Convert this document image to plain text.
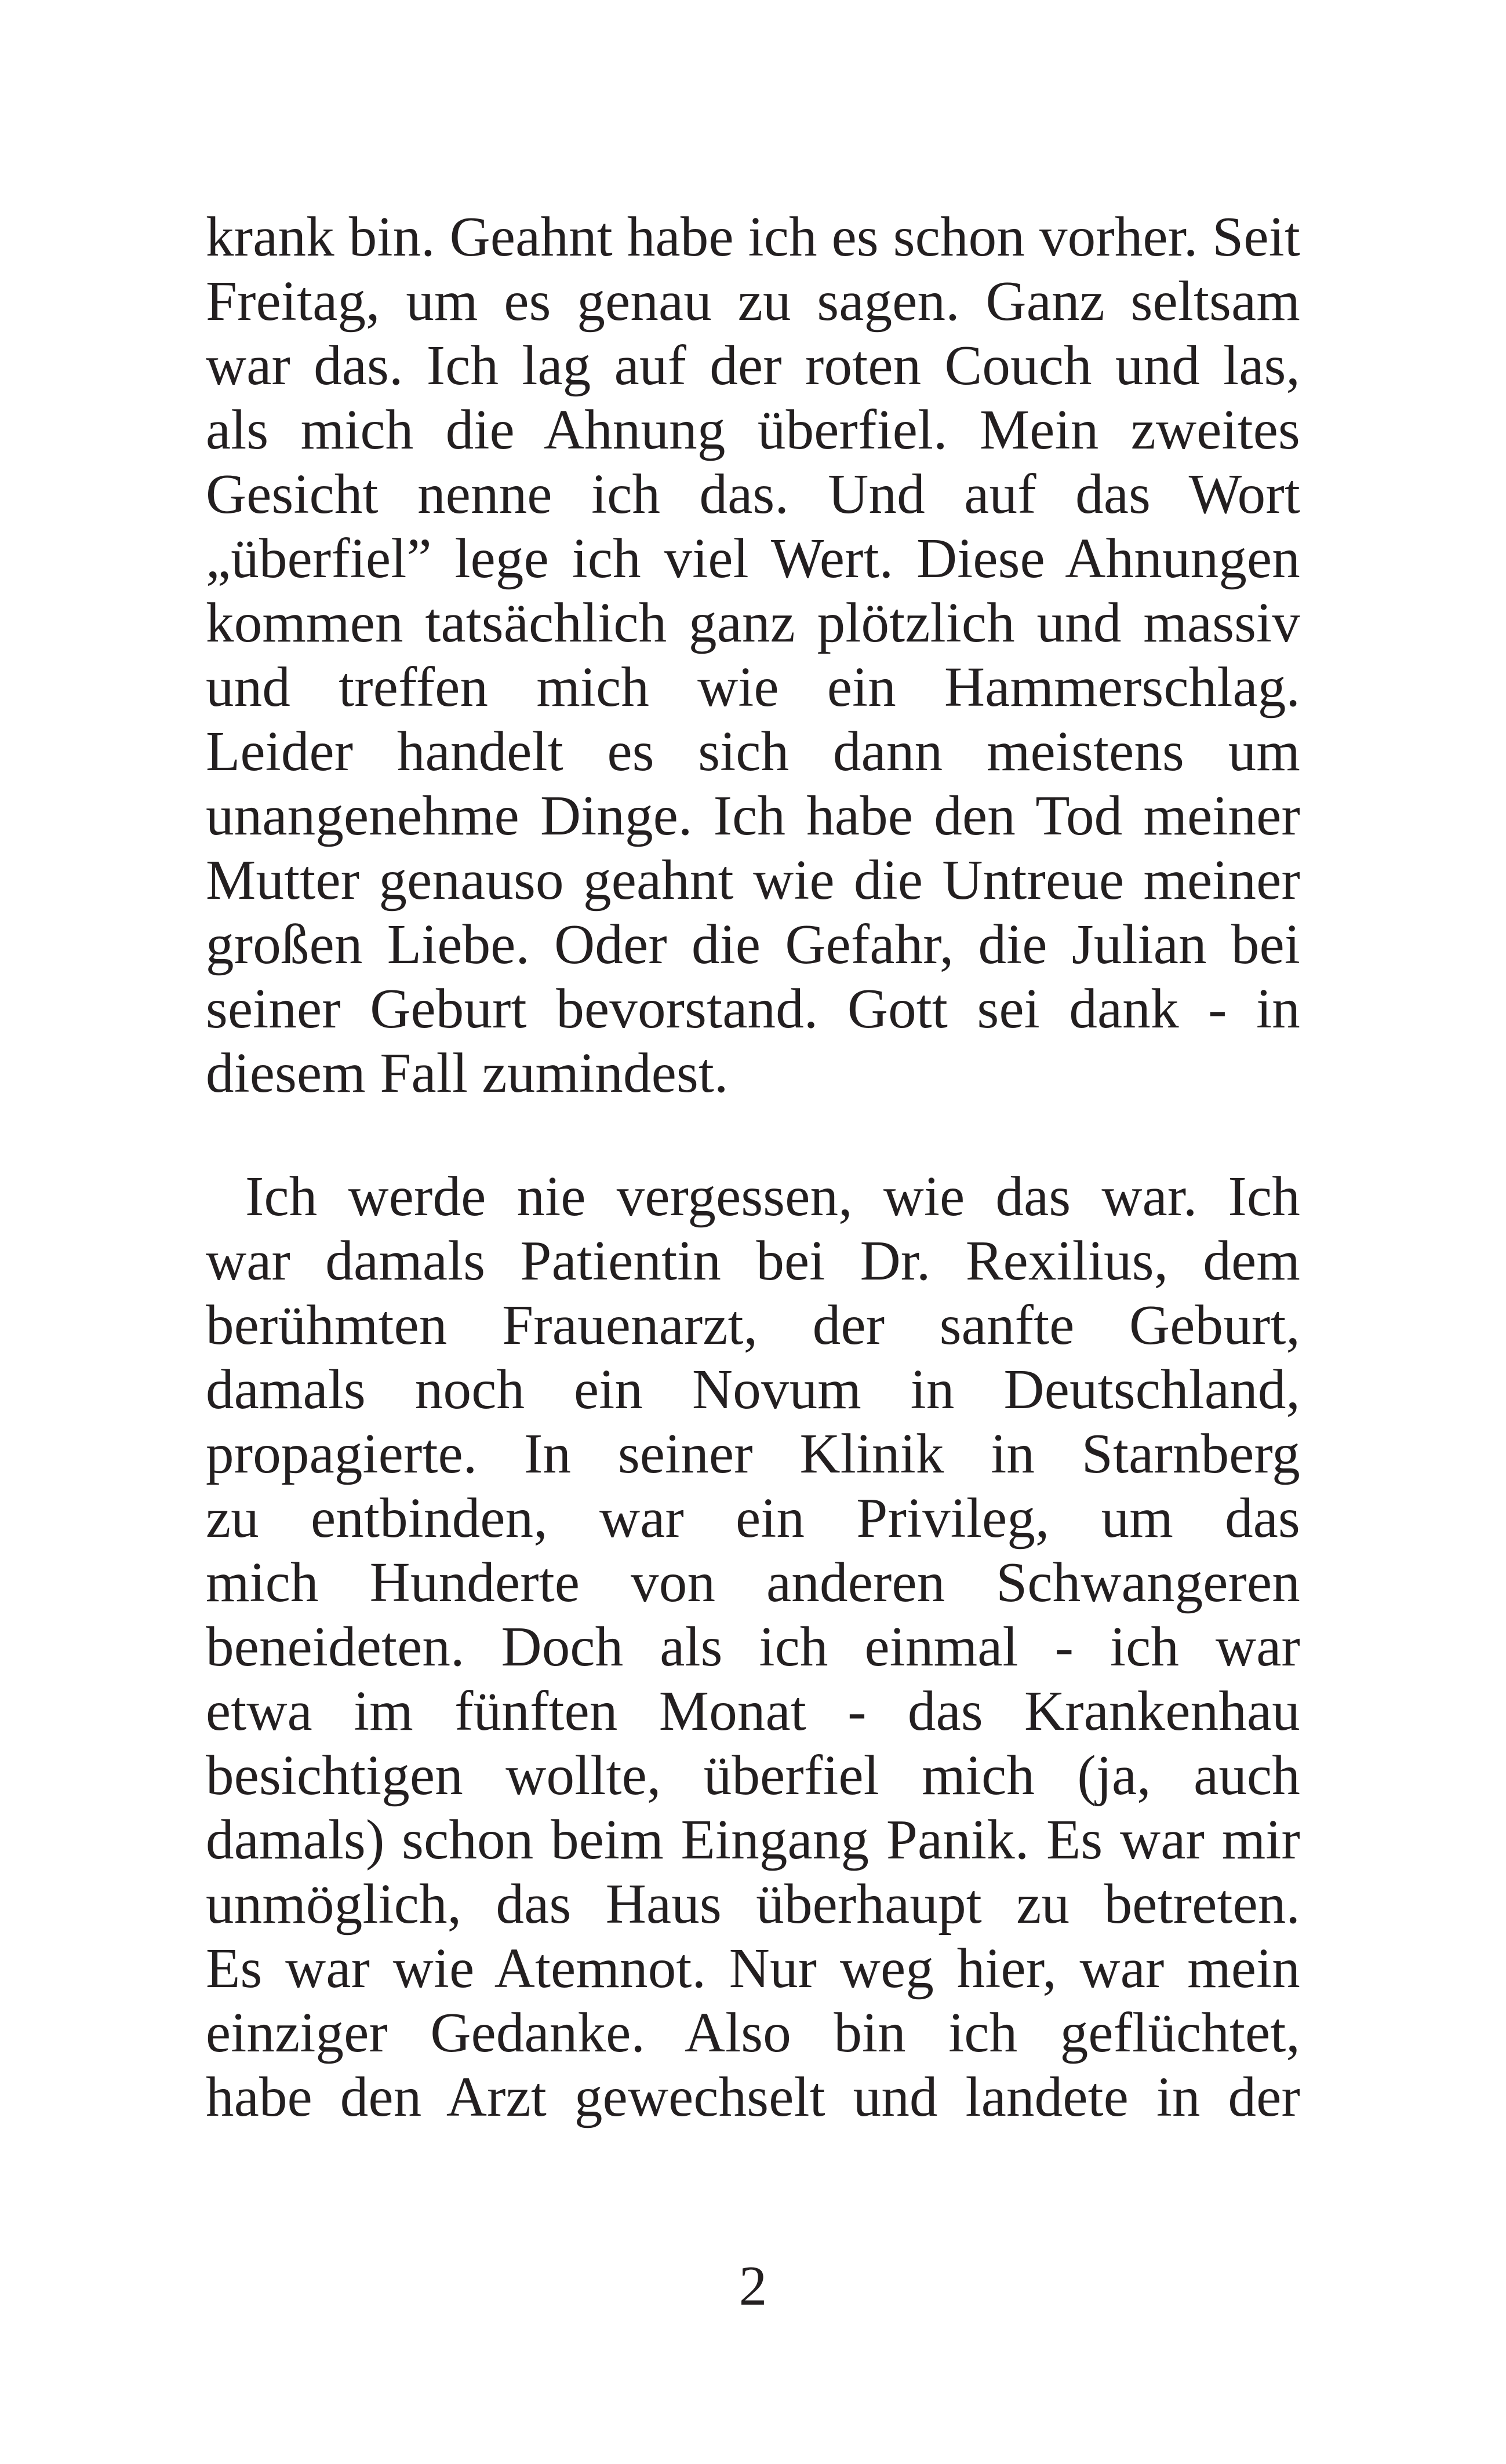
krank bin. Geahnt habe ich es schon vorher. Seit
Freitag, um es genau zu sagen. Ganz seltsam
war das. Ich lag auf der roten Couch und las,
als mich die Ahnung überfiel. Mein zweites
Gesicht nenne ich das. Und auf das Wort
„überfiel” lege ich viel Wert. Diese Ahnungen
kommen tatsächlich ganz plötzlich und massiv
und treffen mich wie ein Hammerschlag.
Leider handelt es sich dann meistens um
unangenehme Dinge. Ich habe den Tod meiner
Mutter genauso geahnt wie die Untreue meiner
großen Liebe. Oder die Gefahr, die Julian bei
seiner Geburt bevorstand. Gott sei dank - in
diesem Fall zumindest.
Ich werde nie vergessen, wie das war. Ich
war damals Patientin bei Dr. Rexilius, dem
berühmten Frauenarzt, der sanfte Geburt,
damals noch ein Novum in Deutschland,
propagierte. In seiner Klinik in Starnberg
zu entbinden, war ein Privileg, um das
mich Hunderte von anderen Schwangeren
beneideten. Doch als ich einmal - ich war
etwa im fünften Monat - das Krankenhau
besichtigen wollte, überfiel mich (ja, auch
damals) schon beim Eingang Panik. Es war mir
unmöglich, das Haus überhaupt zu betreten.
Es war wie Atemnot. Nur weg hier, war mein
einziger Gedanke. Also bin ich geflüchtet,
habe den Arzt gewechselt und landete in der
2
